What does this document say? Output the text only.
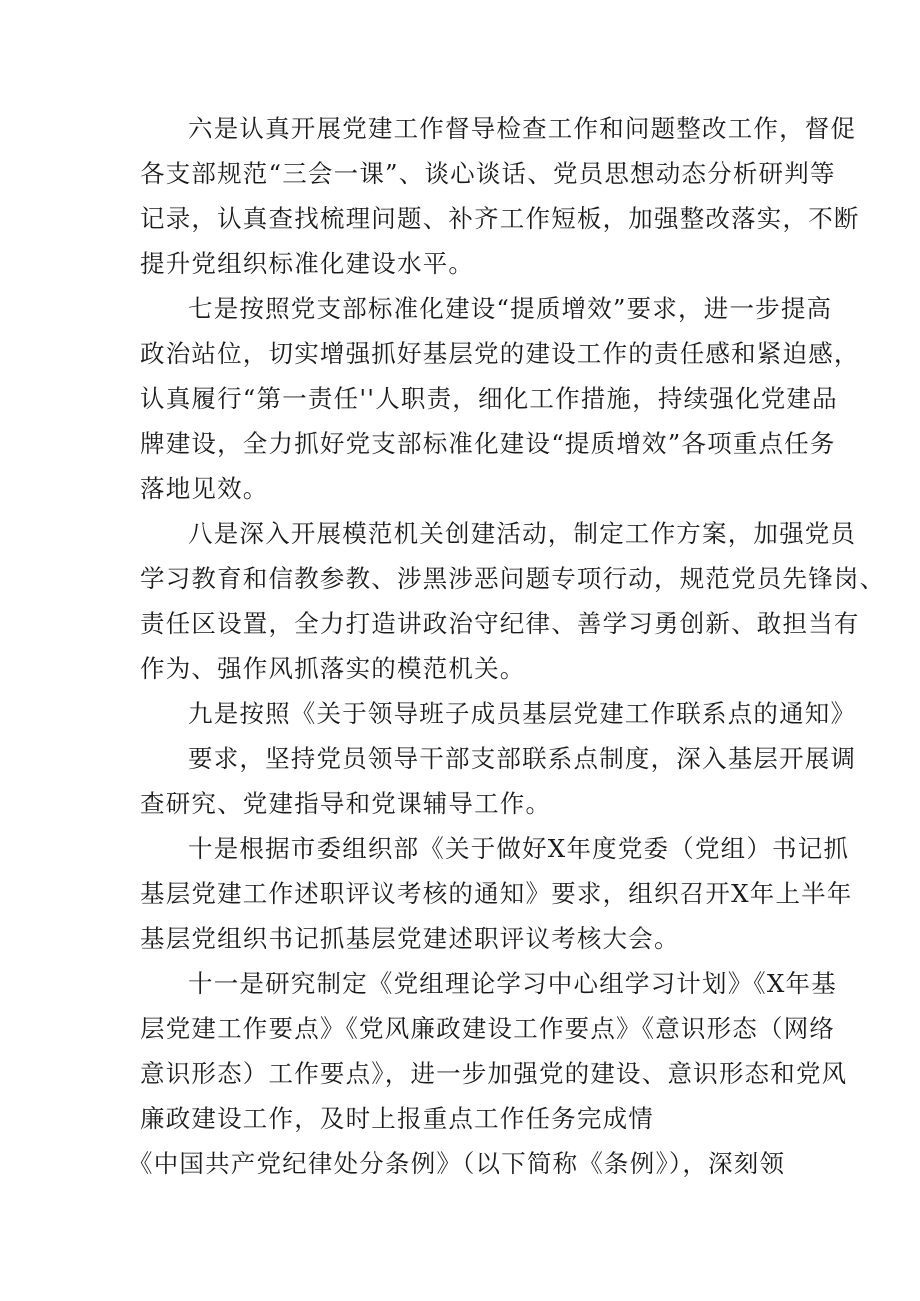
六是认真开展党建工作督导检查工作和问题整改工作，督促
各支部规范“三会一课”、谈心谈话、党员思想动态分析研判等
记录，认真查找梳理问题、补齐工作短板，加强整改落实，不断
提升党组织标准化建设水平。
七是按照党支部标准化建设“提质增效”要求，进一步提高
政治站位，切实增强抓好基层党的建设工作的责任感和紧迫感，
认真履行“第一责任''人职责，细化工作措施，持续强化党建品
牌建设，全力抓好党支部标准化建设“提质增效”各项重点任务
落地见效。
八是深入开展模范机关创建活动，制定工作方案，加强党员
学习教育和信教参教、涉黑涉恶问题专项行动，规范党员先锋岗、
责任区设置，全力打造讲政治守纪律、善学习勇创新、敢担当有
作为、强作风抓落实的模范机关。
九是按照《关于领导班子成员基层党建工作联系点的通知》
要求，坚持党员领导干部支部联系点制度，深入基层开展调
查研究、党建指导和党课辅导工作。
十是根据市委组织部《关于做好X年度党委（党组）书记抓
基层党建工作述职评议考核的通知》要求，组织召开X年上半年
基层党组织书记抓基层党建述职评议考核大会。
十一是研究制定《党组理论学习中心组学习计划》《X年基
层党建工作要点》《党风廉政建设工作要点》《意识形态（网络
意识形态）工作要点》，进一步加强党的建设、意识形态和党风
廉政建设工作，及时上报重点工作任务完成情
《中国共产党纪律处分条例》（以下简称《条例》），深刻领
